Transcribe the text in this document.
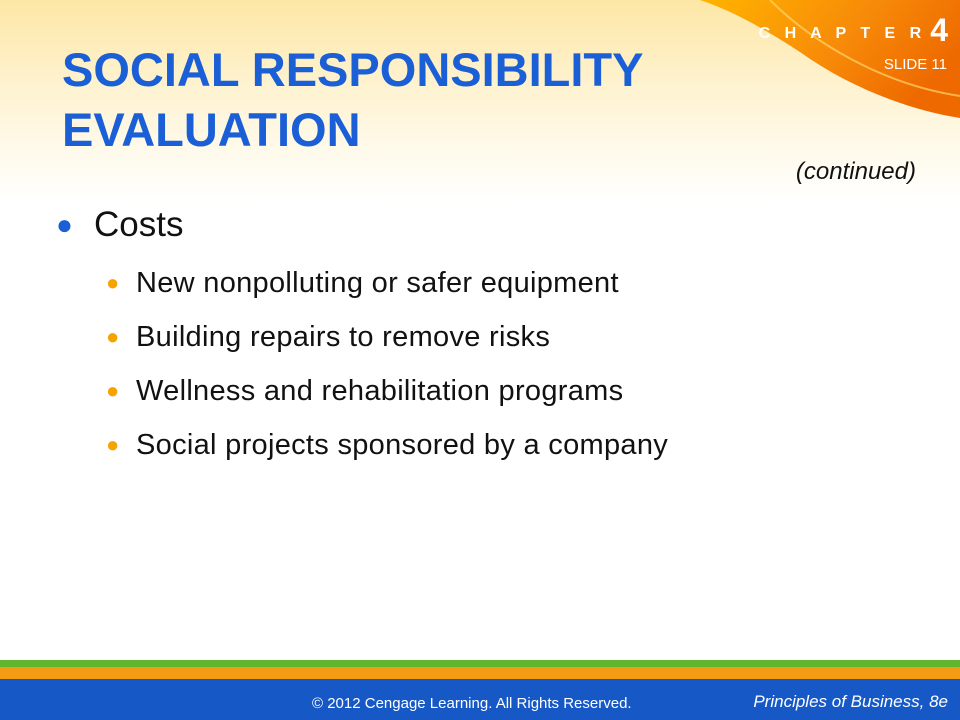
C H A P T E R 4
SLIDE 11
SOCIAL RESPONSIBILITY
EVALUATION
(continued)
● Costs
● New nonpolluting or safer equipment
● Building repairs to remove risks
● Wellness and rehabilitation programs
● Social projects sponsored by a company
© 2012 Cengage Learning. All Rights Reserved.	Principles of Business, 8e
